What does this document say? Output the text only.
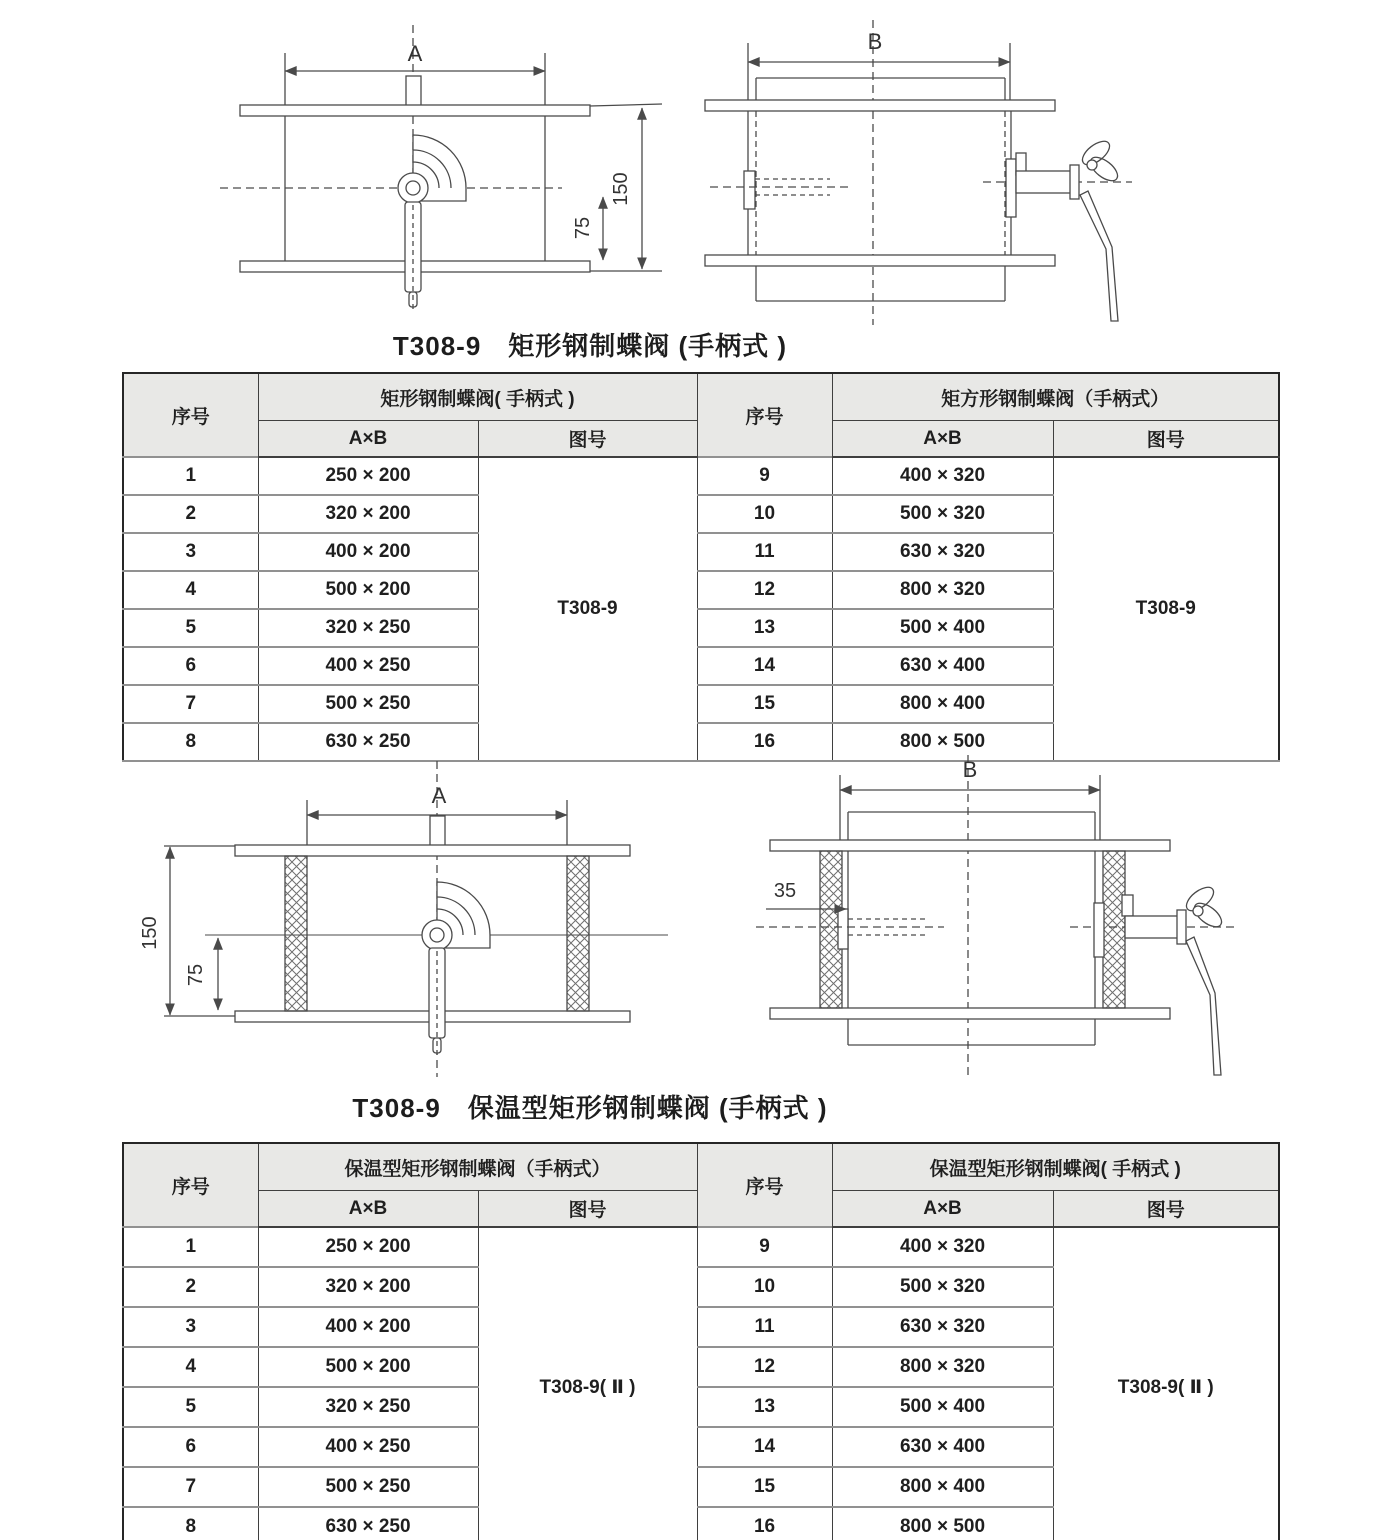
A
75
150
B
T308-9　矩形钢制蝶阀 (手柄式 )
序号	矩形钢制蝶阀( 手柄式 )		序号	矩方形钢制蝶阀（手柄式）	
	A×B	图号		A×B	图号
1	250 × 200	T308-9	9	400 × 320	T308-9
2	320 × 200		10	500 × 320	
3	400 × 200		11	630 × 320	
4	500 × 200		12	800 × 320	
5	320 × 250		13	500 × 400	
6	400 × 250		14	630 × 400	
7	500 × 250		15	800 × 400	
8	630 × 250		16	800 × 500	
A
150
75
B
35
T308-9　保温型矩形钢制蝶阀 (手柄式 )
序号	保温型矩形钢制蝶阀（手柄式）		序号	保温型矩形钢制蝶阀( 手柄式 )	
	A×B	图号		A×B	图号
1	250 × 200	T308-9( Ⅱ )	9	400 × 320	T308-9( Ⅱ )
2	320 × 200		10	500 × 320	
3	400 × 200		11	630 × 320	
4	500 × 200		12	800 × 320	
5	320 × 250		13	500 × 400	
6	400 × 250		14	630 × 400	
7	500 × 250		15	800 × 400	
8	630 × 250		16	800 × 500	
